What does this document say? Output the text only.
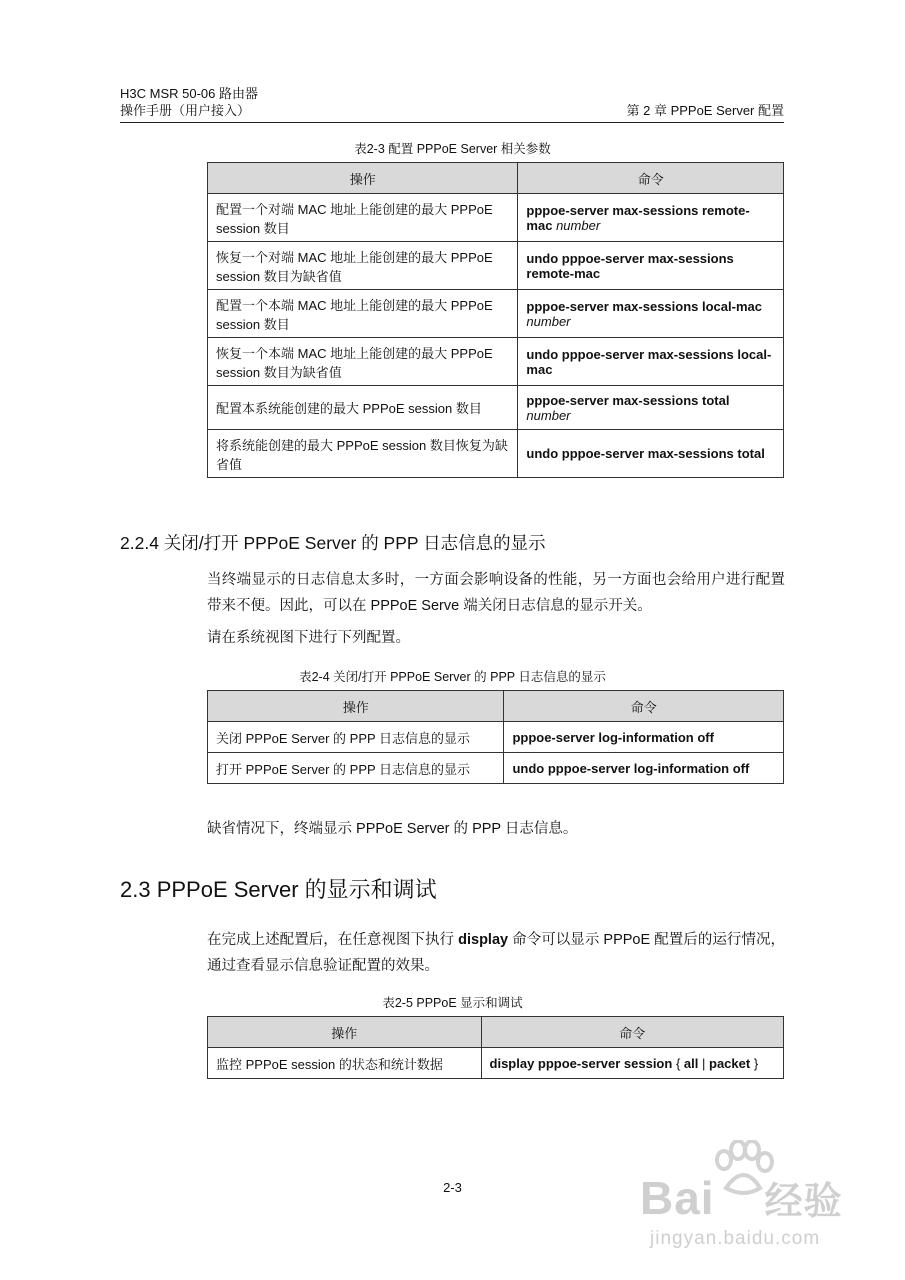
H3C MSR 50-06 路由器
操作手册（用户接入）	第 2 章 PPPoE Server 配置
表2-3 配置 PPPoE Server 相关参数
操作	命令
配置一个对端 MAC 地址上能创建的最大 PPPoE session 数目	pppoe-server max-sessions remote-mac number
恢复一个对端 MAC 地址上能创建的最大 PPPoE session 数目为缺省值	undo pppoe-server max-sessions remote-mac
配置一个本端 MAC 地址上能创建的最大 PPPoE session 数目	pppoe-server max-sessions local-mac number
恢复一个本端 MAC 地址上能创建的最大 PPPoE session 数目为缺省值	undo pppoe-server max-sessions local-mac
配置本系统能创建的最大 PPPoE session 数目	pppoe-server max-sessions total number
将系统能创建的最大 PPPoE session 数目恢复为缺省值	undo pppoe-server max-sessions total
2.2.4 关闭/打开 PPPoE Server 的 PPP 日志信息的显示
当终端显示的日志信息太多时，一方面会影响设备的性能，另一方面也会给用户进行配置带来不便。因此，可以在 PPPoE Serve 端关闭日志信息的显示开关。
请在系统视图下进行下列配置。
表2-4 关闭/打开 PPPoE Server 的 PPP 日志信息的显示
操作	命令
关闭 PPPoE Server 的 PPP 日志信息的显示	pppoe-server log-information off
打开 PPPoE Server 的 PPP 日志信息的显示	undo pppoe-server log-information off
缺省情况下，终端显示 PPPoE Server 的 PPP 日志信息。
2.3 PPPoE Server 的显示和调试
在完成上述配置后，在任意视图下执行 display 命令可以显示 PPPoE 配置后的运行情况，通过查看显示信息验证配置的效果。
表2-5 PPPoE 显示和调试
操作	命令
监控 PPPoE session 的状态和统计数据	display pppoe-server session { all | packet }
2-3	Bai 经验
jingyan.baidu.com
